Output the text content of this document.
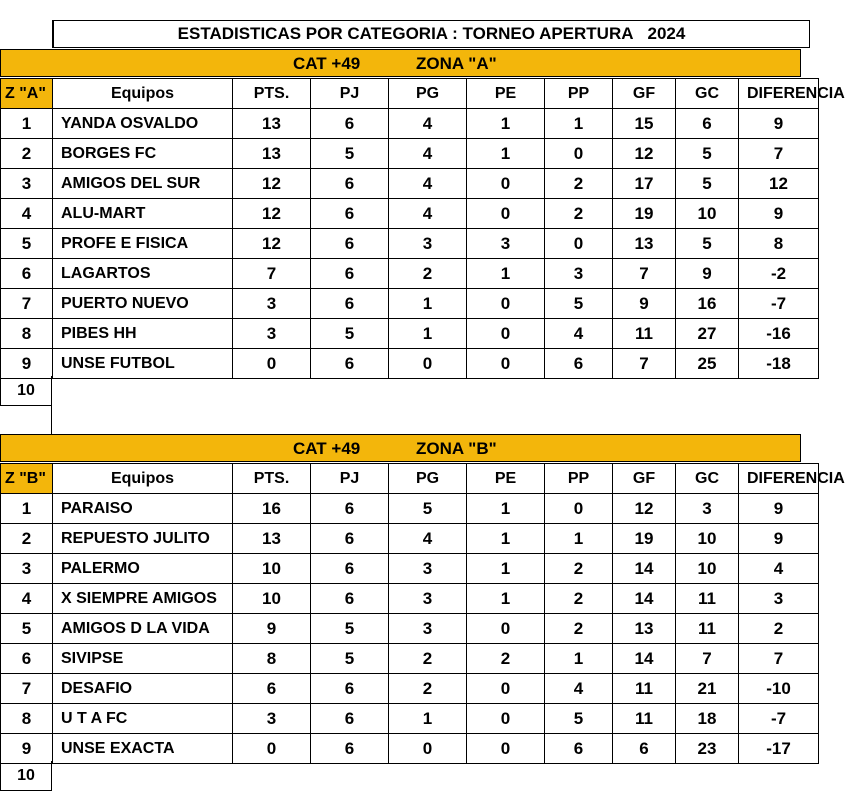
ESTADISTICAS POR CATEGORIA : TORNEO APERTURA 2024
CAT +49	ZONA "A"
Z "A"	Equipos	PTS.	PJ	PG	PE	PP	GF	GC	DIFERENCIA
1	YANDA OSVALDO	13	6	4	1	1	15	6	9
2	BORGES FC	13	5	4	1	0	12	5	7
3	AMIGOS DEL SUR	12	6	4	0	2	17	5	12
4	ALU-MART	12	6	4	0	2	19	10	9
5	PROFE E FISICA	12	6	3	3	0	13	5	8
6	LAGARTOS	7	6	2	1	3	7	9	-2
7	PUERTO NUEVO	3	6	1	0	5	9	16	-7
8	PIBES HH	3	5	1	0	4	11	27	-16
9	UNSE FUTBOL	0	6	0	0	6	7	25	-18
10
CAT +49	ZONA "B"
Z "B"	Equipos	PTS.	PJ	PG	PE	PP	GF	GC	DIFERENCIA
1	PARAISO	16	6	5	1	0	12	3	9
2	REPUESTO JULITO	13	6	4	1	1	19	10	9
3	PALERMO	10	6	3	1	2	14	10	4
4	X SIEMPRE AMIGOS	10	6	3	1	2	14	11	3
5	AMIGOS D LA VIDA	9	5	3	0	2	13	11	2
6	SIVIPSE	8	5	2	2	1	14	7	7
7	DESAFIO	6	6	2	0	4	11	21	-10
8	U T A FC	3	6	1	0	5	11	18	-7
9	UNSE EXACTA	0	6	0	0	6	6	23	-17
10
